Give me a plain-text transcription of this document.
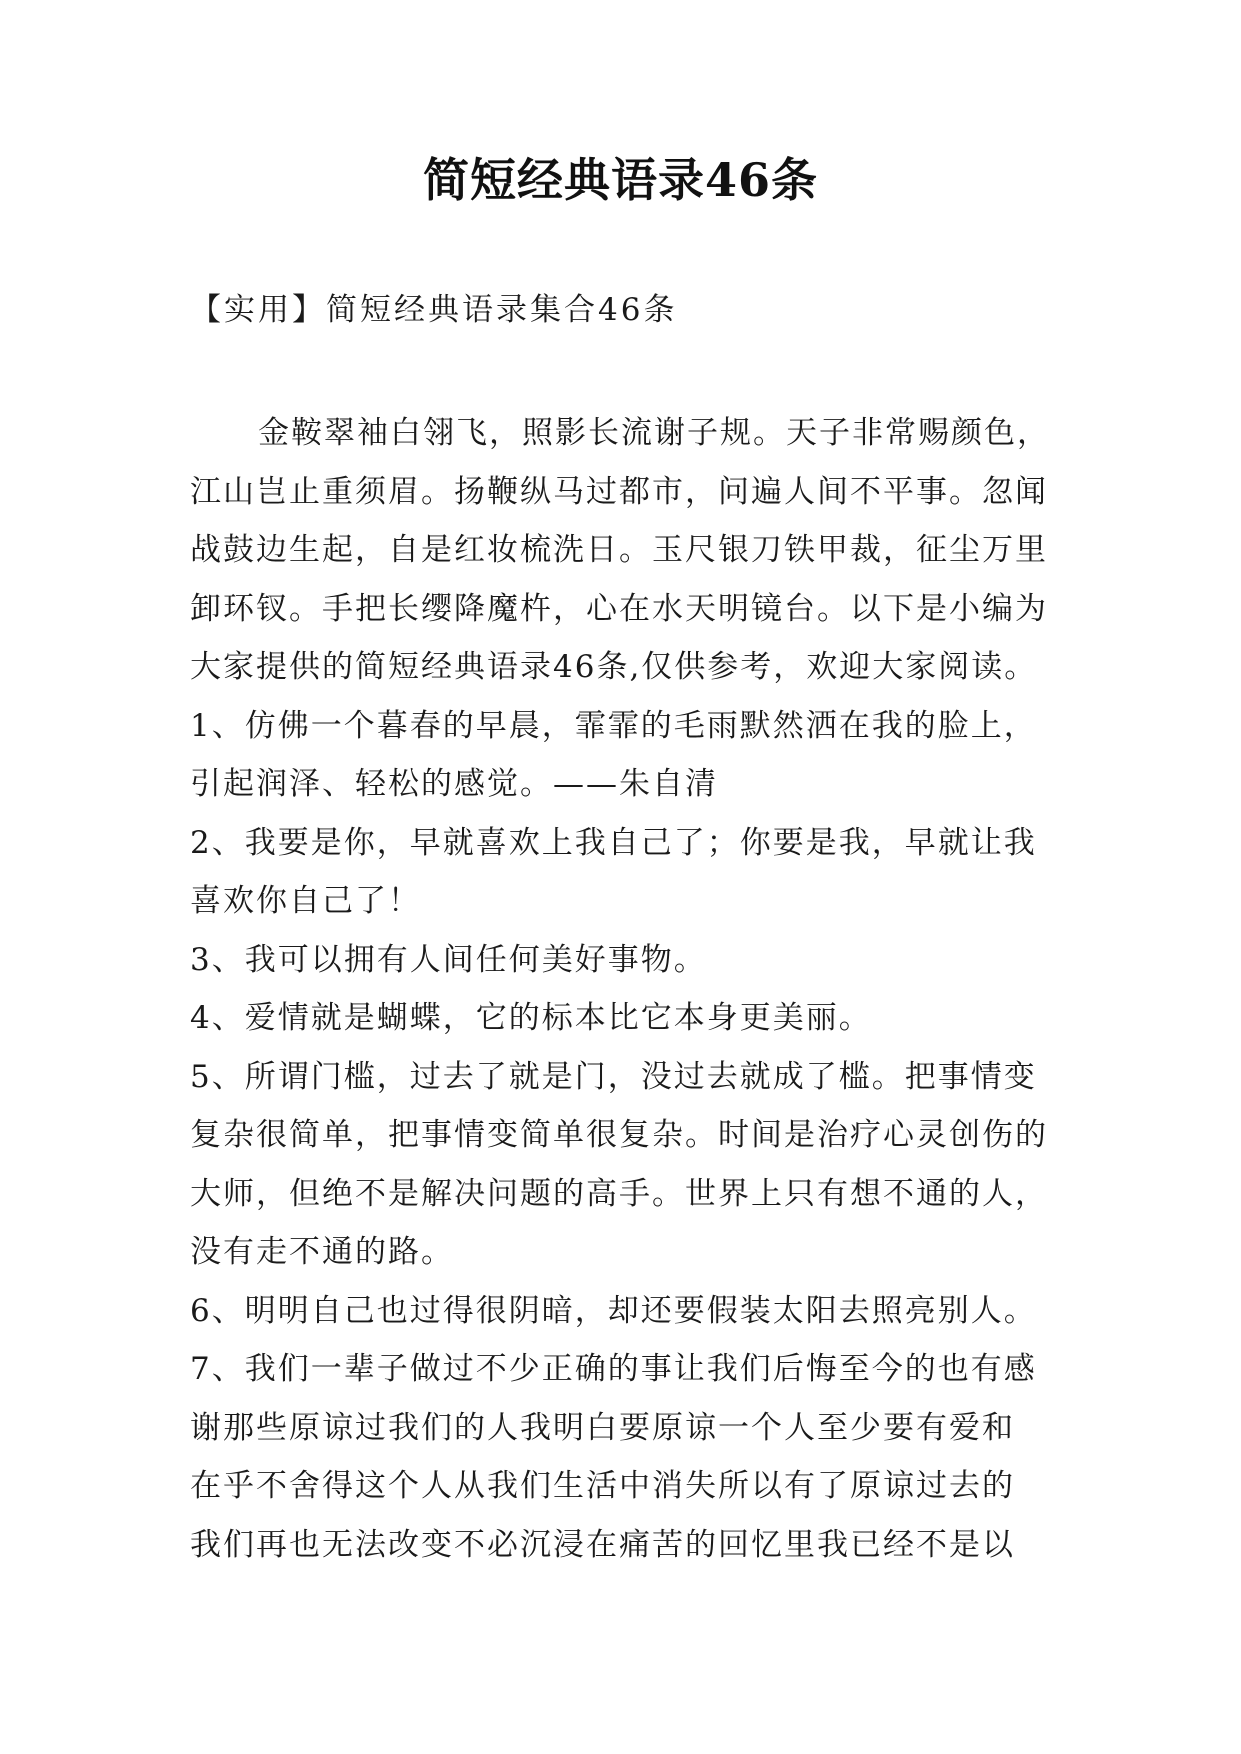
简短经典语录46条
【实用】简短经典语录集合46条
金鞍翠袖白翎飞，照影长流谢子规。天子非常赐颜色，
江山岂止重须眉。扬鞭纵马过都市，问遍人间不平事。忽闻
战鼓边生起，自是红妆梳洗日。玉尺银刀铁甲裁，征尘万里
卸环钗。手把长缨降魔杵，心在水天明镜台。以下是小编为
大家提供的简短经典语录46条,仅供参考，欢迎大家阅读。
1、仿佛一个暮春的早晨，霏霏的毛雨默然洒在我的脸上，
引起润泽、轻松的感觉。——朱自清
2、我要是你，早就喜欢上我自己了；你要是我，早就让我
喜欢你自己了！
3、我可以拥有人间任何美好事物。
4、爱情就是蝴蝶，它的标本比它本身更美丽。
5、所谓门槛，过去了就是门，没过去就成了槛。把事情变
复杂很简单，把事情变简单很复杂。时间是治疗心灵创伤的
大师，但绝不是解决问题的高手。世界上只有想不通的人，
没有走不通的路。
6、明明自己也过得很阴暗，却还要假装太阳去照亮别人。
7、我们一辈子做过不少正确的事让我们后悔至今的也有感
谢那些原谅过我们的人我明白要原谅一个人至少要有爱和
在乎不舍得这个人从我们生活中消失所以有了原谅过去的
我们再也无法改变不必沉浸在痛苦的回忆里我已经不是以
